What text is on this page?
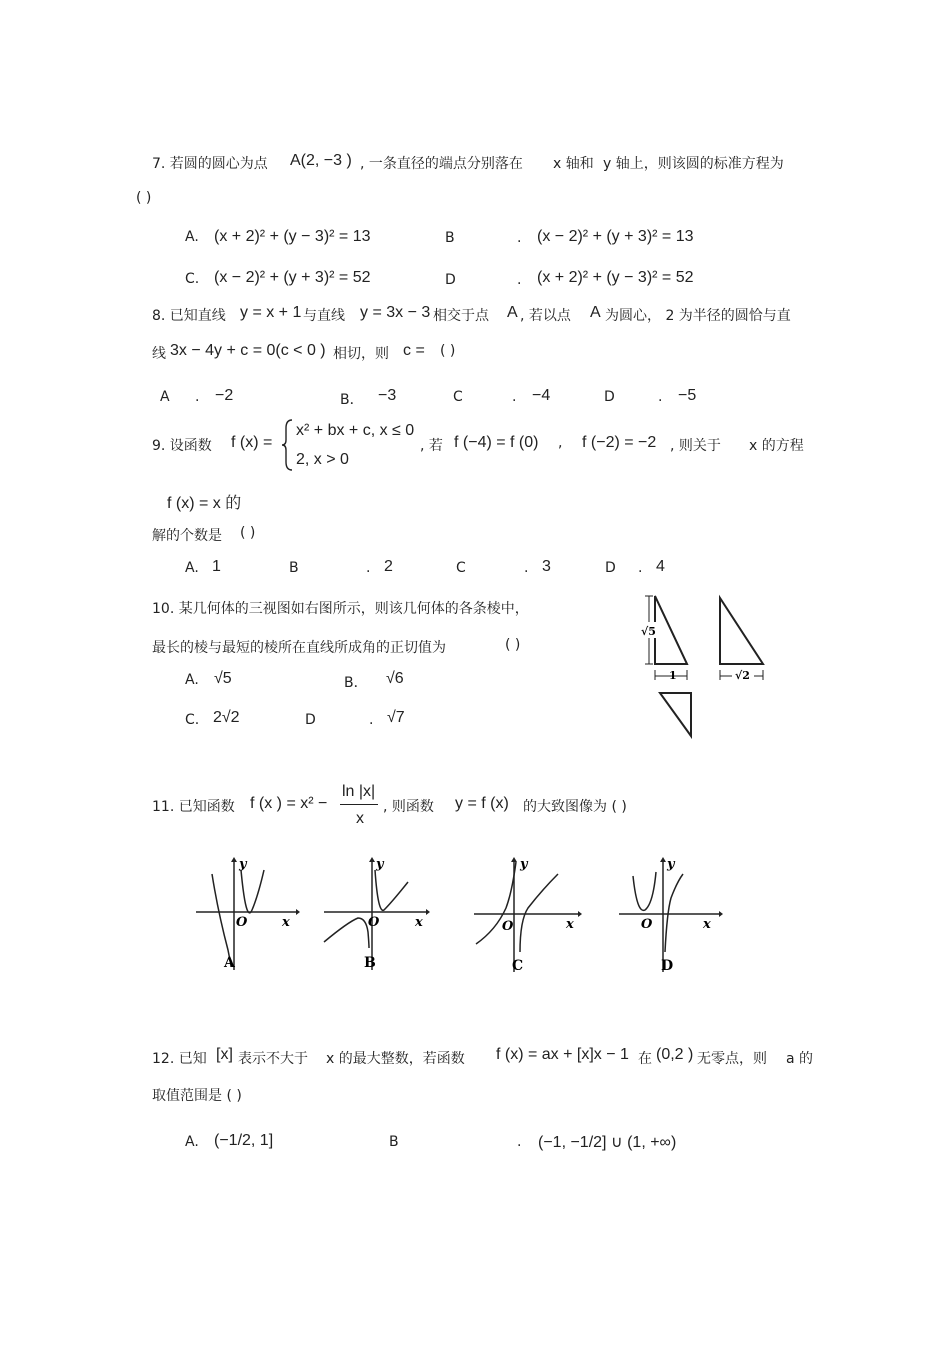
7. 若圆的圆心为点 A(2, −3 ) , 一条直径的端点分别落在 x 轴和 y 轴上，则该圆的标准方程为
( )
A. (x + 2)² + (y − 3)² = 13	B	. (x − 2)² + (y + 3)² = 13
C. (x − 2)² + (y + 3)² = 52	D	. (x + 2)² + (y − 3)² = 52
8. 已知直线 y = x + 1 与直线 y = 3x − 3 相交于点 A , 若以点 A 为圆心， 2 为半径的圆恰与直
线 3x − 4y + c = 0(c < 0 ) 相切，则 c = ( )
A . −2	B． −3	C	. −4	D	. −5
9. 设函数 f (x) =
x² + bx + c, x ≤ 0
2, x > 0
, 若 f (−4) = f (0) , f (−2) = −2 , 则关于 x 的方程
f (x) = x 的
解的个数是 ( )
A. 1	B	. 2	C	. 3	D . 4
10. 某几何体的三视图如右图所示，则该几何体的各条棱中，
最长的棱与最短的棱所在直线所成角的正切值为	( )
A. √5	B． √6
C. 2√2	D	. √7
√5
1	√2
11. 已知函数 f (x ) = x² −
ln |x|
x
, 则函数 y = f (x) 的大致图像为 ( )
y
O	x
A
y
O	x
B
y
O	x
C
y
O	x
D
12. 已知 [x] 表示不大于 x 的最大整数，若函数 f (x) = ax + [x]x − 1 在 (0,2 ) 无零点，则 a 的
取值范围是 ( )
A. (−1/2, 1]	B	. (−1, −1/2] ∪ (1, +∞)
